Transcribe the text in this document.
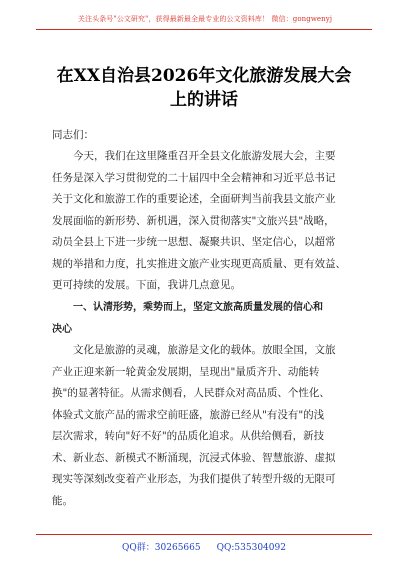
关注头条号"公文研究"，获得最新最全最专业的公文资料库！ 微信：gongwenyj
在XX自治县2026年文化旅游发展大会
上的讲话
同志们：
今天，我们在这里隆重召开全县文化旅游发展大会，主要
任务是深入学习贯彻党的二十届四中全会精神和习近平总书记
关于文化和旅游工作的重要论述，全面研判当前我县文旅产业
发展面临的新形势、新机遇，深入贯彻落实"文旅兴县"战略，
动员全县上下进一步统一思想、凝聚共识、坚定信心，以超常
规的举措和力度，扎实推进文旅产业实现更高质量、更有效益、
更可持续的发展。下面，我讲几点意见。
一、认清形势，乘势而上，坚定文旅高质量发展的信心和
决心
文化是旅游的灵魂，旅游是文化的载体。放眼全国，文旅
产业正迎来新一轮黄金发展期，呈现出"量质齐升、动能转
换"的显著特征。从需求侧看，人民群众对高品质、个性化、
体验式文旅产品的需求空前旺盛，旅游已经从"有没有"的浅
层次需求，转向"好不好"的品质化追求。从供给侧看，新技
术、新业态、新模式不断涌现，沉浸式体验、智慧旅游、虚拟
现实等深刻改变着产业形态，为我们提供了转型升级的无限可
能。
QQ群：30265665 QQ:535304092
